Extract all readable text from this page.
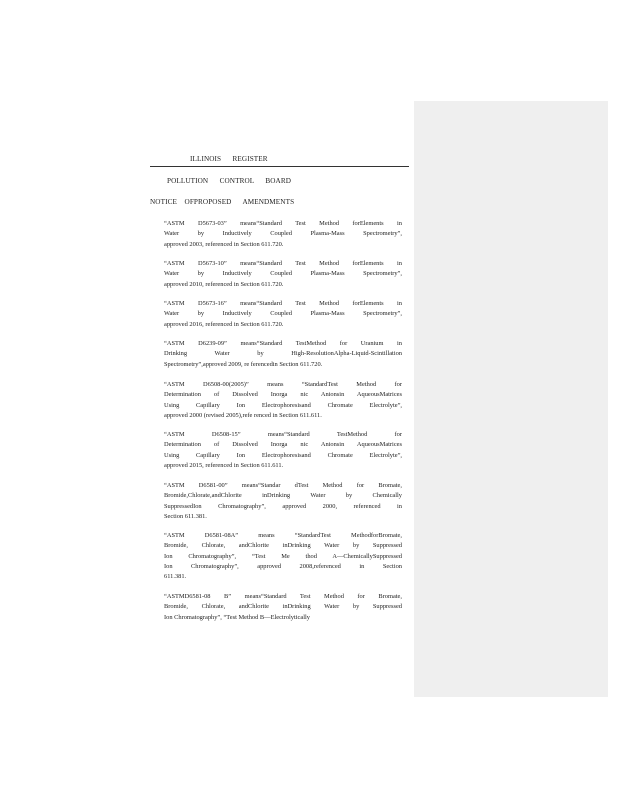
ILLINOIS      REGISTER
POLLUTION      CONTROL      BOARD
NOTICE    OFPROPOSED      AMENDMENTS
“ASTM D5673-03” means“Standard Test Method forElements in
Water by Inductively Coupled Plasma-Mass Spectrometry”,
approved 2003, referenced in Section 611.720.
“ASTM D5673-10” means“Standard Test Method forElements in
Water by Inductively Coupled Plasma-Mass Spectrometry”,
approved 2010, referenced in Section 611.720.
“ASTM D5673-16” means“Standard Test Method forElements in
Water by Inductively Coupled Plasma-Mass Spectrometry”,
approved 2016, referenced in Section 611.720.
“ASTM D6239-09” means“Standard TestMethod for Uranium in
Drinking Water by High-ResolutionAlpha-Liquid-Scintillation
Spectrometry”,approved 2009, re ferencedin Section 611.720.
“ASTM D6508-00(2005)” means “StandardTest Method for
Determination of Dissolved Inorga nic Anionsin AqueousMatrices
Using Capillary Ion Electrophoresisand Chromate Electrolyte”,
approved 2000 (revised 2005),refe renced in Section 611.611.
“ASTM D6508-15” means“Standard TestMethod for
Determination of Dissolved Inorga nic Anionsin AqueousMatrices
Using Capillary Ion Electrophoresisand Chromate Electrolyte”,
approved 2015, referenced in Section 611.611.
“ASTM D6581-00” means“Standar dTest Method for Bromate,
Bromide,Chlorate,andChlorite inDrinking Water by Chemically
SuppressedIon Chromatography”, approved 2000, referenced in
Section 611.381.
“ASTM D6581-08A” means “StandardTest MethodforBromate,
Bromide, Chlorate, andChlorite inDrinking Water by Suppressed
Ion Chromatography”, “Test Me thod A—ChemicallySuppressed
Ion Chromatography”, approved 2008,referenced in Section
611.381.
“ASTMD6581-08 B” means“Standard Test Method for Bromate,
Bromide, Chlorate, andChlorite inDrinking Water by Suppressed
Ion Chromatography”, “Test Method B—Electrolytically
